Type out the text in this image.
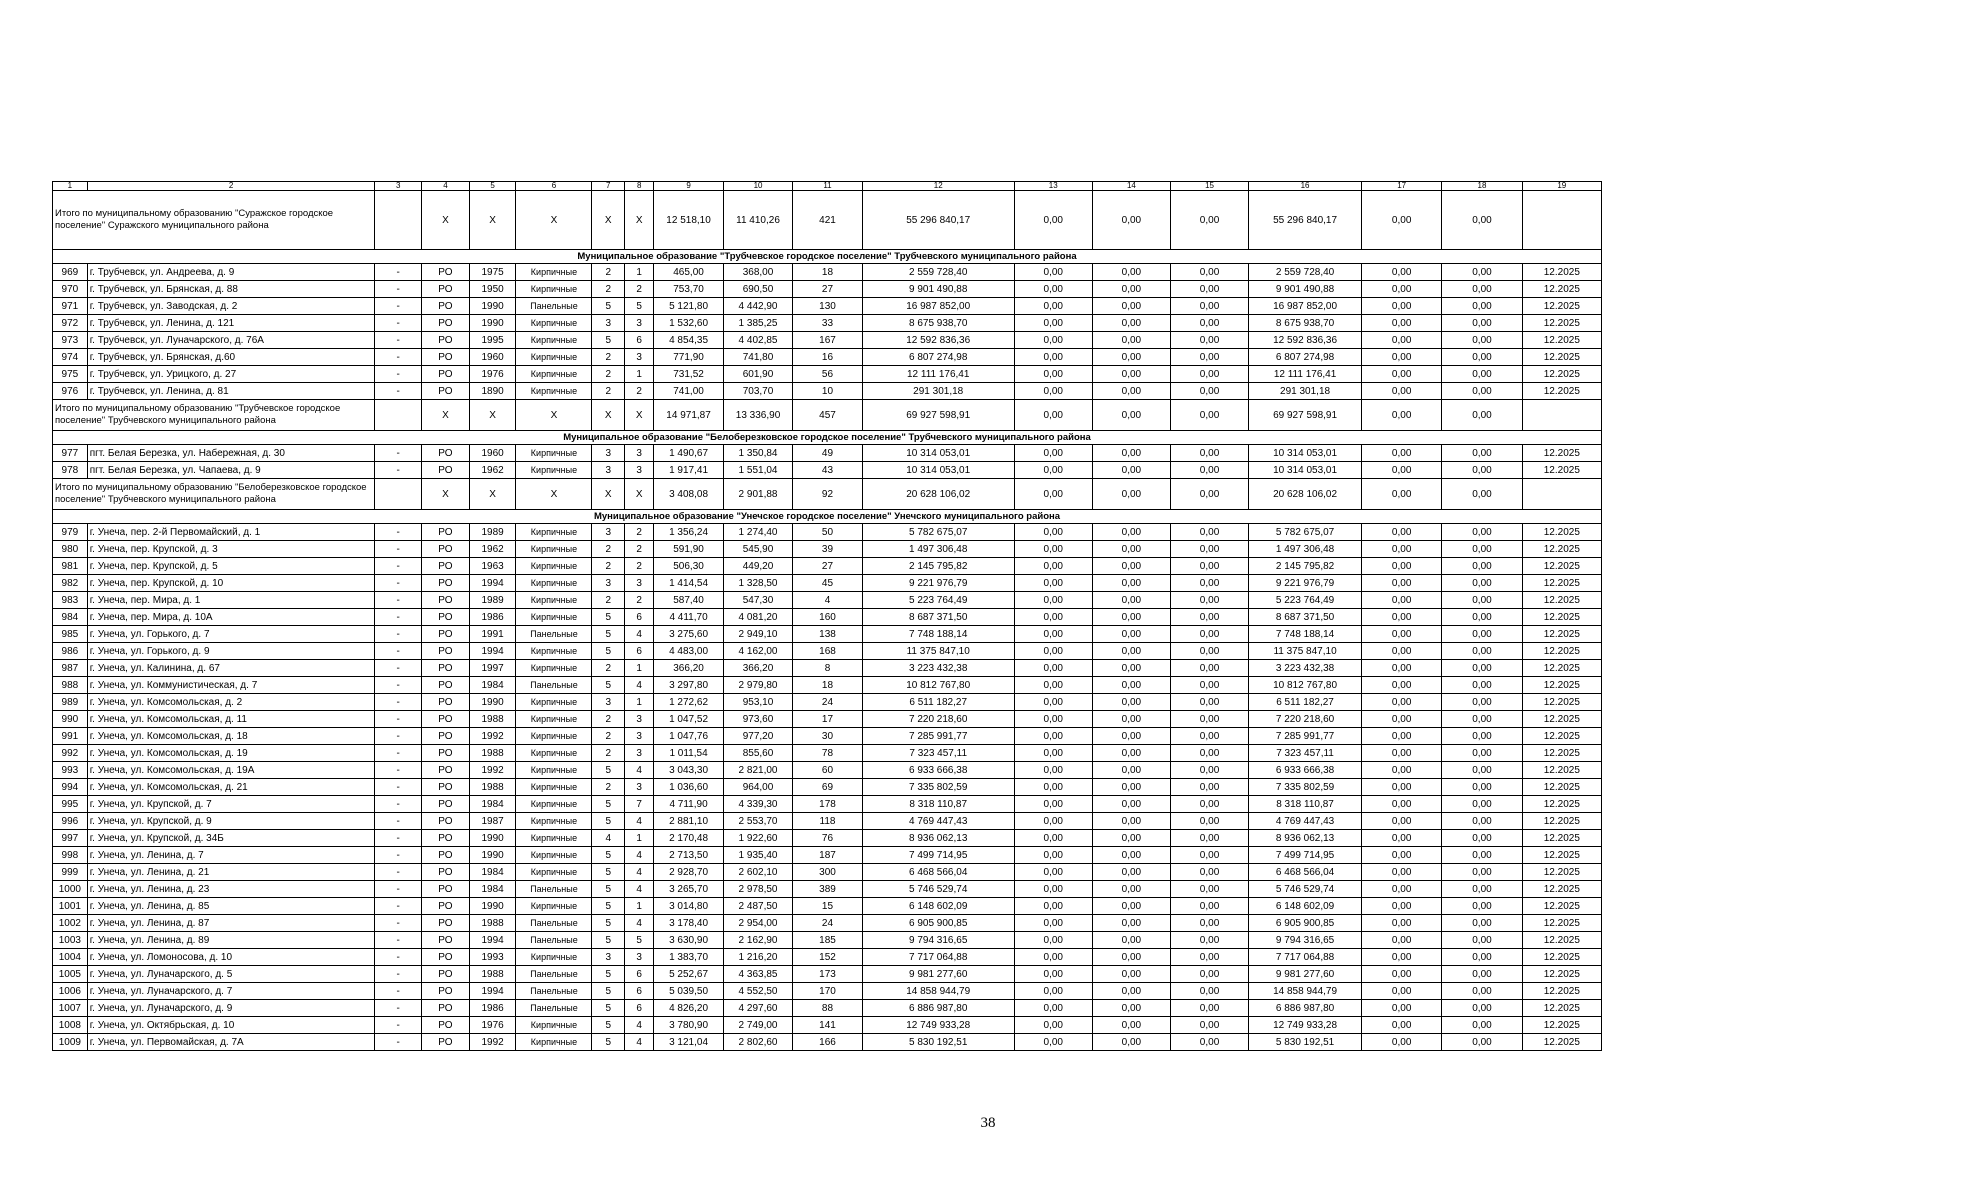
1	2	3	4	5	6	7	8	9	10	11	12	13	14	15	16	17	18	19
Итого по муниципальному образованию "Суражское городское поселение" Суражского муниципального района			X	X	X	X	X	12 518,10	11 410,26	421	55 296 840,17	0,00	0,00	0,00	55 296 840,17	0,00	0,00	
Муниципальное образование "Трубчевское городское поселение" Трубчевского муниципального района																		
969	г. Трубчевск, ул. Андреева, д. 9	-	РО	1975	Кирпичные	2	1	465,00	368,00	18	2 559 728,40	0,00	0,00	0,00	2 559 728,40	0,00	0,00	12.2025
970	г. Трубчевск, ул. Брянская, д. 88	-	РО	1950	Кирпичные	2	2	753,70	690,50	27	9 901 490,88	0,00	0,00	0,00	9 901 490,88	0,00	0,00	12.2025
971	г. Трубчевск, ул. Заводская, д. 2	-	РО	1990	Панельные	5	5	5 121,80	4 442,90	130	16 987 852,00	0,00	0,00	0,00	16 987 852,00	0,00	0,00	12.2025
972	г. Трубчевск, ул. Ленина, д. 121	-	РО	1990	Кирпичные	3	3	1 532,60	1 385,25	33	8 675 938,70	0,00	0,00	0,00	8 675 938,70	0,00	0,00	12.2025
973	г. Трубчевск, ул. Луначарского, д. 76А	-	РО	1995	Кирпичные	5	6	4 854,35	4 402,85	167	12 592 836,36	0,00	0,00	0,00	12 592 836,36	0,00	0,00	12.2025
974	г. Трубчевск, ул. Брянская, д.60	-	РО	1960	Кирпичные	2	3	771,90	741,80	16	6 807 274,98	0,00	0,00	0,00	6 807 274,98	0,00	0,00	12.2025
975	г. Трубчевск, ул. Урицкого, д. 27	-	РО	1976	Кирпичные	2	1	731,52	601,90	56	12 111 176,41	0,00	0,00	0,00	12 111 176,41	0,00	0,00	12.2025
976	г. Трубчевск, ул. Ленина, д. 81	-	РО	1890	Кирпичные	2	2	741,00	703,70	10	291 301,18	0,00	0,00	0,00	291 301,18	0,00	0,00	12.2025
Итого по муниципальному образованию "Трубчевское городское поселение" Трубчевского муниципального района			X	X	X	X	X	14 971,87	13 336,90	457	69 927 598,91	0,00	0,00	0,00	69 927 598,91	0,00	0,00	
Муниципальное образование "Белоберезковское городское поселение" Трубчевского муниципального района																		
977	пгт. Белая Березка, ул. Набережная, д. 30	-	РО	1960	Кирпичные	3	3	1 490,67	1 350,84	49	10 314 053,01	0,00	0,00	0,00	10 314 053,01	0,00	0,00	12.2025
978	пгт. Белая Березка, ул. Чапаева, д. 9	-	РО	1962	Кирпичные	3	3	1 917,41	1 551,04	43	10 314 053,01	0,00	0,00	0,00	10 314 053,01	0,00	0,00	12.2025
Итого по муниципальному образованию "Белоберезковское городское поселение" Трубчевского муниципального района			X	X	X	X	X	3 408,08	2 901,88	92	20 628 106,02	0,00	0,00	0,00	20 628 106,02	0,00	0,00	
Муниципальное образование "Унечское городское поселение" Унечского муниципального района																		
979	г. Унеча, пер. 2-й Первомайский, д. 1	-	РО	1989	Кирпичные	3	2	1 356,24	1 274,40	50	5 782 675,07	0,00	0,00	0,00	5 782 675,07	0,00	0,00	12.2025
980	г. Унеча, пер. Крупской, д. 3	-	РО	1962	Кирпичные	2	2	591,90	545,90	39	1 497 306,48	0,00	0,00	0,00	1 497 306,48	0,00	0,00	12.2025
981	г. Унеча, пер. Крупской, д. 5	-	РО	1963	Кирпичные	2	2	506,30	449,20	27	2 145 795,82	0,00	0,00	0,00	2 145 795,82	0,00	0,00	12.2025
982	г. Унеча, пер. Крупской, д. 10	-	РО	1994	Кирпичные	3	3	1 414,54	1 328,50	45	9 221 976,79	0,00	0,00	0,00	9 221 976,79	0,00	0,00	12.2025
983	г. Унеча, пер. Мира, д. 1	-	РО	1989	Кирпичные	2	2	587,40	547,30	4	5 223 764,49	0,00	0,00	0,00	5 223 764,49	0,00	0,00	12.2025
984	г. Унеча, пер. Мира, д. 10А	-	РО	1986	Кирпичные	5	6	4 411,70	4 081,20	160	8 687 371,50	0,00	0,00	0,00	8 687 371,50	0,00	0,00	12.2025
985	г. Унеча, ул. Горького, д. 7	-	РО	1991	Панельные	5	4	3 275,60	2 949,10	138	7 748 188,14	0,00	0,00	0,00	7 748 188,14	0,00	0,00	12.2025
986	г. Унеча, ул. Горького, д. 9	-	РО	1994	Кирпичные	5	6	4 483,00	4 162,00	168	11 375 847,10	0,00	0,00	0,00	11 375 847,10	0,00	0,00	12.2025
987	г. Унеча, ул. Калинина, д. 67	-	РО	1997	Кирпичные	2	1	366,20	366,20	8	3 223 432,38	0,00	0,00	0,00	3 223 432,38	0,00	0,00	12.2025
988	г. Унеча, ул. Коммунистическая, д. 7	-	РО	1984	Панельные	5	4	3 297,80	2 979,80	18	10 812 767,80	0,00	0,00	0,00	10 812 767,80	0,00	0,00	12.2025
989	г. Унеча, ул. Комсомольская, д. 2	-	РО	1990	Кирпичные	3	1	1 272,62	953,10	24	6 511 182,27	0,00	0,00	0,00	6 511 182,27	0,00	0,00	12.2025
990	г. Унеча, ул. Комсомольская, д. 11	-	РО	1988	Кирпичные	2	3	1 047,52	973,60	17	7 220 218,60	0,00	0,00	0,00	7 220 218,60	0,00	0,00	12.2025
991	г. Унеча, ул. Комсомольская, д. 18	-	РО	1992	Кирпичные	2	3	1 047,76	977,20	30	7 285 991,77	0,00	0,00	0,00	7 285 991,77	0,00	0,00	12.2025
992	г. Унеча, ул. Комсомольская, д. 19	-	РО	1988	Кирпичные	2	3	1 011,54	855,60	78	7 323 457,11	0,00	0,00	0,00	7 323 457,11	0,00	0,00	12.2025
993	г. Унеча, ул. Комсомольская, д. 19А	-	РО	1992	Кирпичные	5	4	3 043,30	2 821,00	60	6 933 666,38	0,00	0,00	0,00	6 933 666,38	0,00	0,00	12.2025
994	г. Унеча, ул. Комсомольская, д. 21	-	РО	1988	Кирпичные	2	3	1 036,60	964,00	69	7 335 802,59	0,00	0,00	0,00	7 335 802,59	0,00	0,00	12.2025
995	г. Унеча, ул. Крупской, д. 7	-	РО	1984	Кирпичные	5	7	4 711,90	4 339,30	178	8 318 110,87	0,00	0,00	0,00	8 318 110,87	0,00	0,00	12.2025
996	г. Унеча, ул. Крупской, д. 9	-	РО	1987	Кирпичные	5	4	2 881,10	2 553,70	118	4 769 447,43	0,00	0,00	0,00	4 769 447,43	0,00	0,00	12.2025
997	г. Унеча, ул. Крупской, д. 34Б	-	РО	1990	Кирпичные	4	1	2 170,48	1 922,60	76	8 936 062,13	0,00	0,00	0,00	8 936 062,13	0,00	0,00	12.2025
998	г. Унеча, ул. Ленина, д. 7	-	РО	1990	Кирпичные	5	4	2 713,50	1 935,40	187	7 499 714,95	0,00	0,00	0,00	7 499 714,95	0,00	0,00	12.2025
999	г. Унеча, ул. Ленина, д. 21	-	РО	1984	Кирпичные	5	4	2 928,70	2 602,10	300	6 468 566,04	0,00	0,00	0,00	6 468 566,04	0,00	0,00	12.2025
1000	г. Унеча, ул. Ленина, д. 23	-	РО	1984	Панельные	5	4	3 265,70	2 978,50	389	5 746 529,74	0,00	0,00	0,00	5 746 529,74	0,00	0,00	12.2025
1001	г. Унеча, ул. Ленина, д. 85	-	РО	1990	Кирпичные	5	1	3 014,80	2 487,50	15	6 148 602,09	0,00	0,00	0,00	6 148 602,09	0,00	0,00	12.2025
1002	г. Унеча, ул. Ленина, д. 87	-	РО	1988	Панельные	5	4	3 178,40	2 954,00	24	6 905 900,85	0,00	0,00	0,00	6 905 900,85	0,00	0,00	12.2025
1003	г. Унеча, ул. Ленина, д. 89	-	РО	1994	Панельные	5	5	3 630,90	2 162,90	185	9 794 316,65	0,00	0,00	0,00	9 794 316,65	0,00	0,00	12.2025
1004	г. Унеча, ул. Ломоносова, д. 10	-	РО	1993	Кирпичные	3	3	1 383,70	1 216,20	152	7 717 064,88	0,00	0,00	0,00	7 717 064,88	0,00	0,00	12.2025
1005	г. Унеча, ул. Луначарского, д. 5	-	РО	1988	Панельные	5	6	5 252,67	4 363,85	173	9 981 277,60	0,00	0,00	0,00	9 981 277,60	0,00	0,00	12.2025
1006	г. Унеча, ул. Луначарского, д. 7	-	РО	1994	Панельные	5	6	5 039,50	4 552,50	170	14 858 944,79	0,00	0,00	0,00	14 858 944,79	0,00	0,00	12.2025
1007	г. Унеча, ул. Луначарского, д. 9	-	РО	1986	Панельные	5	6	4 826,20	4 297,60	88	6 886 987,80	0,00	0,00	0,00	6 886 987,80	0,00	0,00	12.2025
1008	г. Унеча, ул. Октябрьская, д. 10	-	РО	1976	Кирпичные	5	4	3 780,90	2 749,00	141	12 749 933,28	0,00	0,00	0,00	12 749 933,28	0,00	0,00	12.2025
1009	г. Унеча, ул. Первомайская, д. 7А	-	РО	1992	Кирпичные	5	4	3 121,04	2 802,60	166	5 830 192,51	0,00	0,00	0,00	5 830 192,51	0,00	0,00	12.2025
38
